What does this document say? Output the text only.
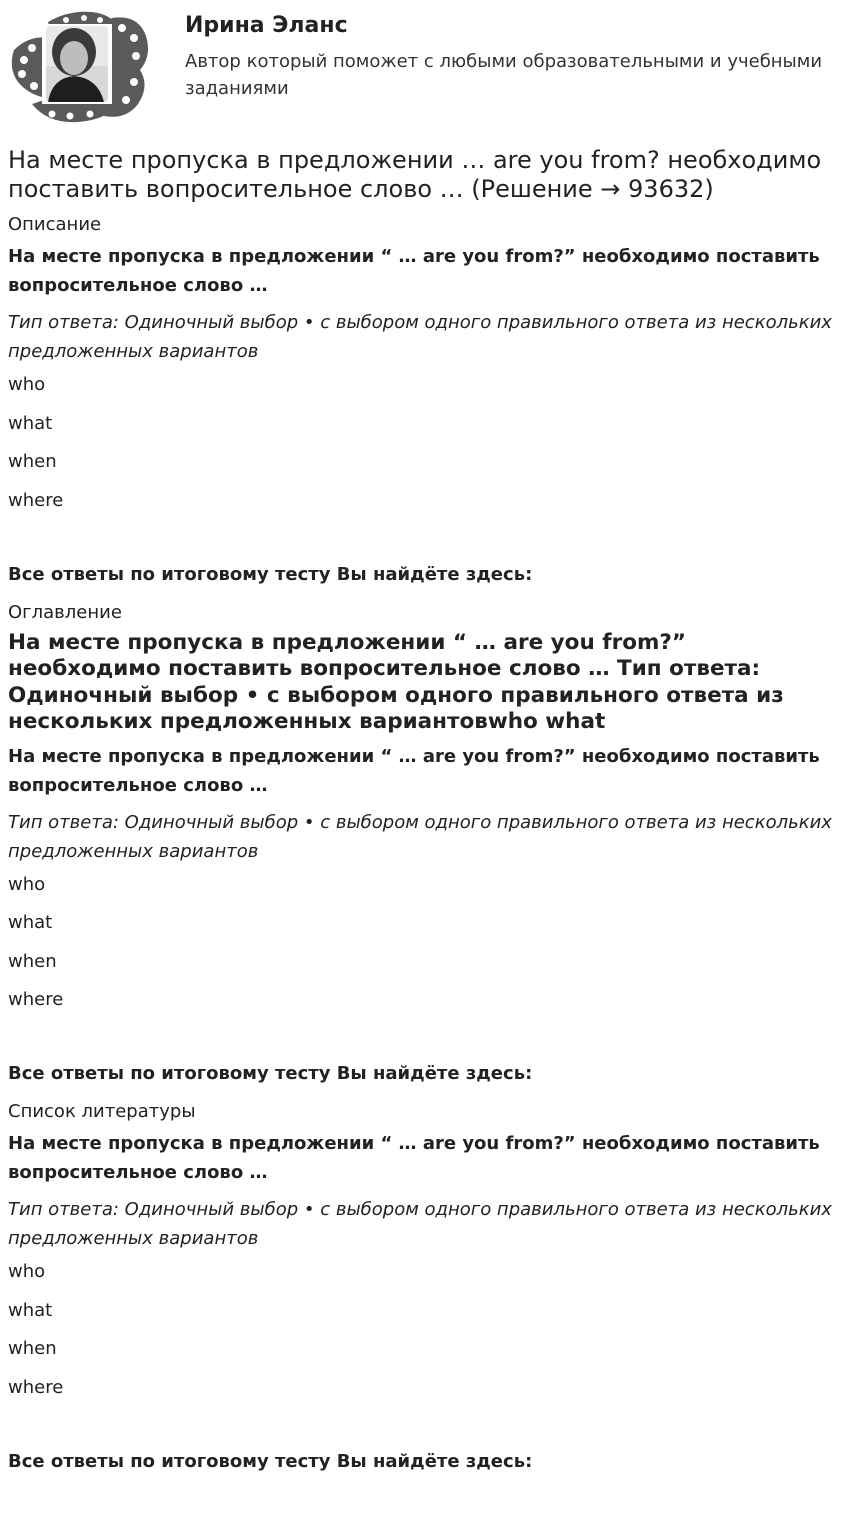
Ирина Эланс

Автор который поможет с любыми образовательными и учебными заданиями

На месте пропуска в предложении … are you from? необходимо поставить вопросительное слово … (Решение → 93632)
Описание
На месте пропуска в предложении “ … are you from?” необходимо поставить вопросительное слово …
Тип ответа: Одиночный выбор • с выбором одного правильного ответа из нескольких предложенных вариантов
who
what
when
where
Все ответы по итоговому тесту Вы найдёте здесь:
Оглавление
На месте пропуска в предложении “ … are you from?” необходимо поставить вопросительное слово … Тип ответа: Одиночный выбор • с выбором одного правильного ответа из нескольких предложенных вариантовwho what
На месте пропуска в предложении “ … are you from?” необходимо поставить вопросительное слово …
Тип ответа: Одиночный выбор • с выбором одного правильного ответа из нескольких предложенных вариантов
who
what
when
where
Все ответы по итоговому тесту Вы найдёте здесь:
Список литературы
На месте пропуска в предложении “ … are you from?” необходимо поставить вопросительное слово …
Тип ответа: Одиночный выбор • с выбором одного правильного ответа из нескольких предложенных вариантов
who
what
when
where
Все ответы по итоговому тесту Вы найдёте здесь:
